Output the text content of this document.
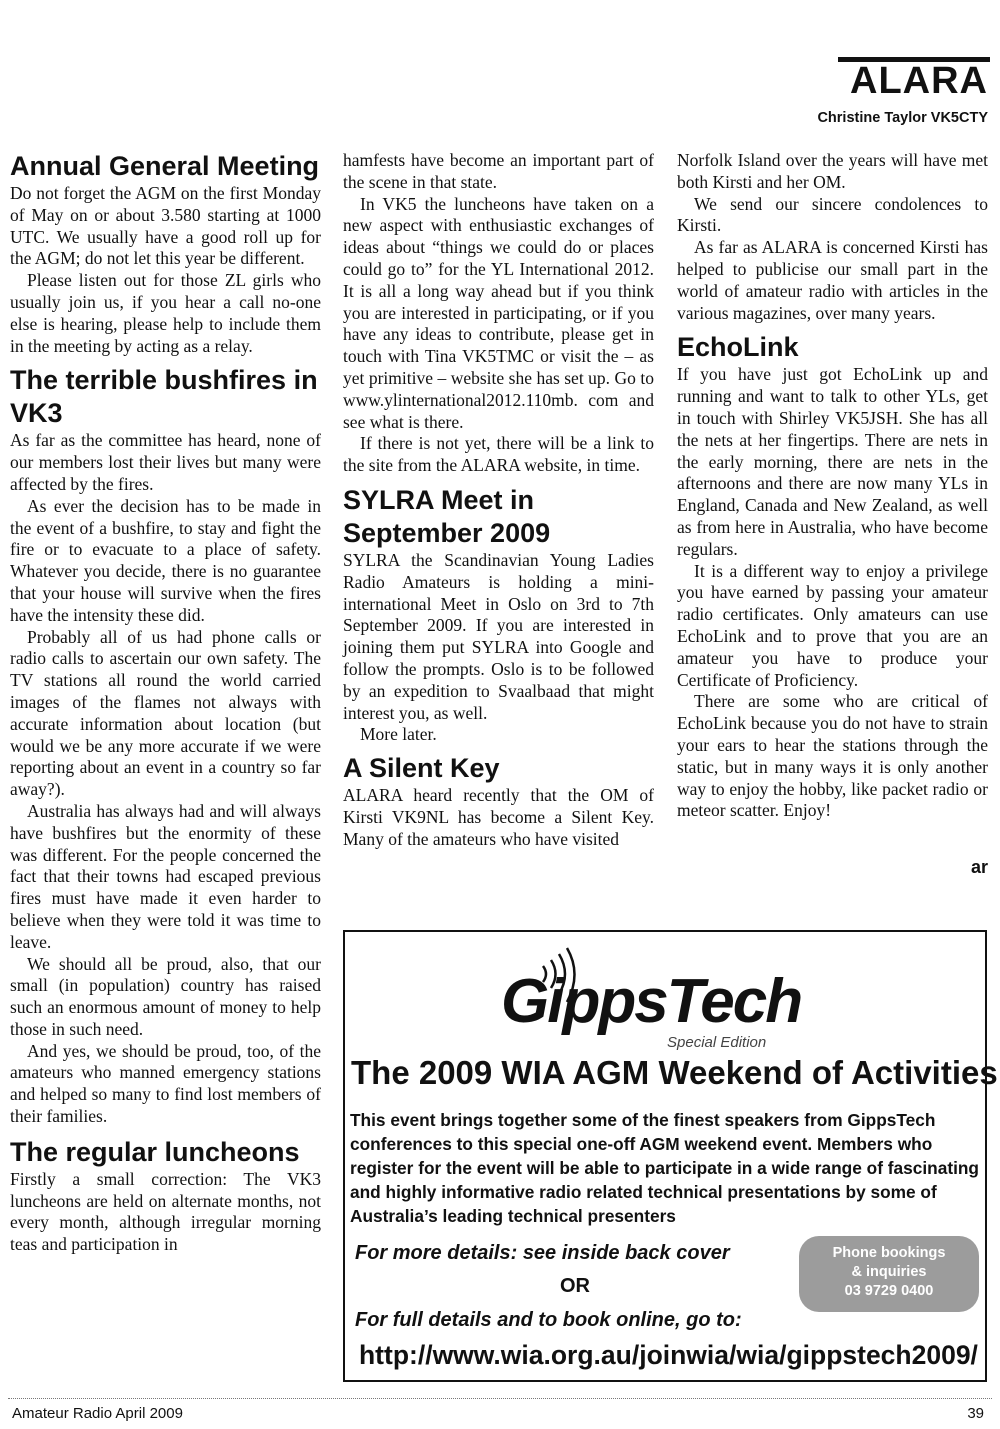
ALARA
Christine Taylor VK5CTY
Annual General Meeting

Do not forget the AGM on the first Monday of May on or about 3.580 starting at 1000 UTC. We usually have a good roll up for the AGM; do not let this year be different.

Please listen out for those ZL girls who usually join us, if you hear a call no-one else is hearing, please help to include them in the meeting by acting as a relay.

The terrible bushfires in VK3

As far as the committee has heard, none of our members lost their lives but many were affected by the fires.

As ever the decision has to be made in the event of a bushfire, to stay and fight the fire or to evacuate to a place of safety. Whatever you decide, there is no guarantee that your house will survive when the fires have the intensity these did.

Probably all of us had phone calls or radio calls to ascertain our own safety. The TV stations all round the world carried images of the flames not always with accurate information about location (but would we be any more accurate if we were reporting about an event in a country so far away?).

Australia has always had and will always have bushfires but the enormity of these was different. For the people concerned the fact that their towns had escaped previous fires must have made it even harder to believe when they were told it was time to leave.

We should all be proud, also, that our small (in population) country has raised such an enormous amount of money to help those in such need.

And yes, we should be proud, too, of the amateurs who manned emergency stations and helped so many to find lost members of their families.

The regular luncheons

Firstly a small correction: The VK3 luncheons are held on alternate months, not every month, although irregular morning teas and participation in

hamfests have become an important part of the scene in that state.

In VK5 the luncheons have taken on a new aspect with enthusiastic exchanges of ideas about “things we could do or places could go to” for the YL International 2012. It is all a long way ahead but if you think you are interested in participating, or if you have any ideas to contribute, please get in touch with Tina VK5TMC or visit the – as yet primitive – website she has set up. Go to www.ylinternational2012.110mb. com and see what is there.

If there is not yet, there will be a link to the site from the ALARA website, in time.

SYLRA Meet in September 2009

SYLRA the Scandinavian Young Ladies Radio Amateurs is holding a mini-international Meet in Oslo on 3rd to 7th September 2009. If you are interested in joining them put SYLRA into Google and follow the prompts. Oslo is to be followed by an expedition to Svaalbaad that might interest you, as well.

More later.

A Silent Key

ALARA heard recently that the OM of Kirsti VK9NL has become a Silent Key. Many of the amateurs who have visited

Norfolk Island over the years will have met both Kirsti and her OM.

We send our sincere condolences to Kirsti.

As far as ALARA is concerned Kirsti has helped to publicise our small part in the world of amateur radio with articles in the various magazines, over many years.

EchoLink

If you have just got EchoLink up and running and want to talk to other YLs, get in touch with Shirley VK5JSH. She has all the nets at her fingertips. There are nets in the early morning, there are nets in the afternoons and there are now many YLs in England, Canada and New Zealand, as well as from here in Australia, who have become regulars.

It is a different way to enjoy a privilege you have earned by passing your amateur radio certificates. Only amateurs can use EchoLink and to prove that you are an amateur you have to produce your Certificate of Proficiency.

There are some who are critical of EchoLink because you do not have to strain your ears to hear the stations through the static, but in many ways it is only another way to enjoy the hobby, like packet radio or meteor scatter. Enjoy!

ar
GippsTech
Special Edition
The 2009 WIA AGM Weekend of Activities

This event brings together some of the finest speakers from GippsTech conferences to this special one-off AGM weekend event. Members who register for the event will be able to participate in a wide range of fascinating and highly informative radio related technical presentations by some of Australia’s leading technical presenters

For more details: see inside back cover
OR
For full details and to book online, go to:
http://www.wia.org.au/joinwia/wia/gippstech2009/
Phone bookings
& inquiries
03 9729 0400
Amateur Radio April 2009	39
